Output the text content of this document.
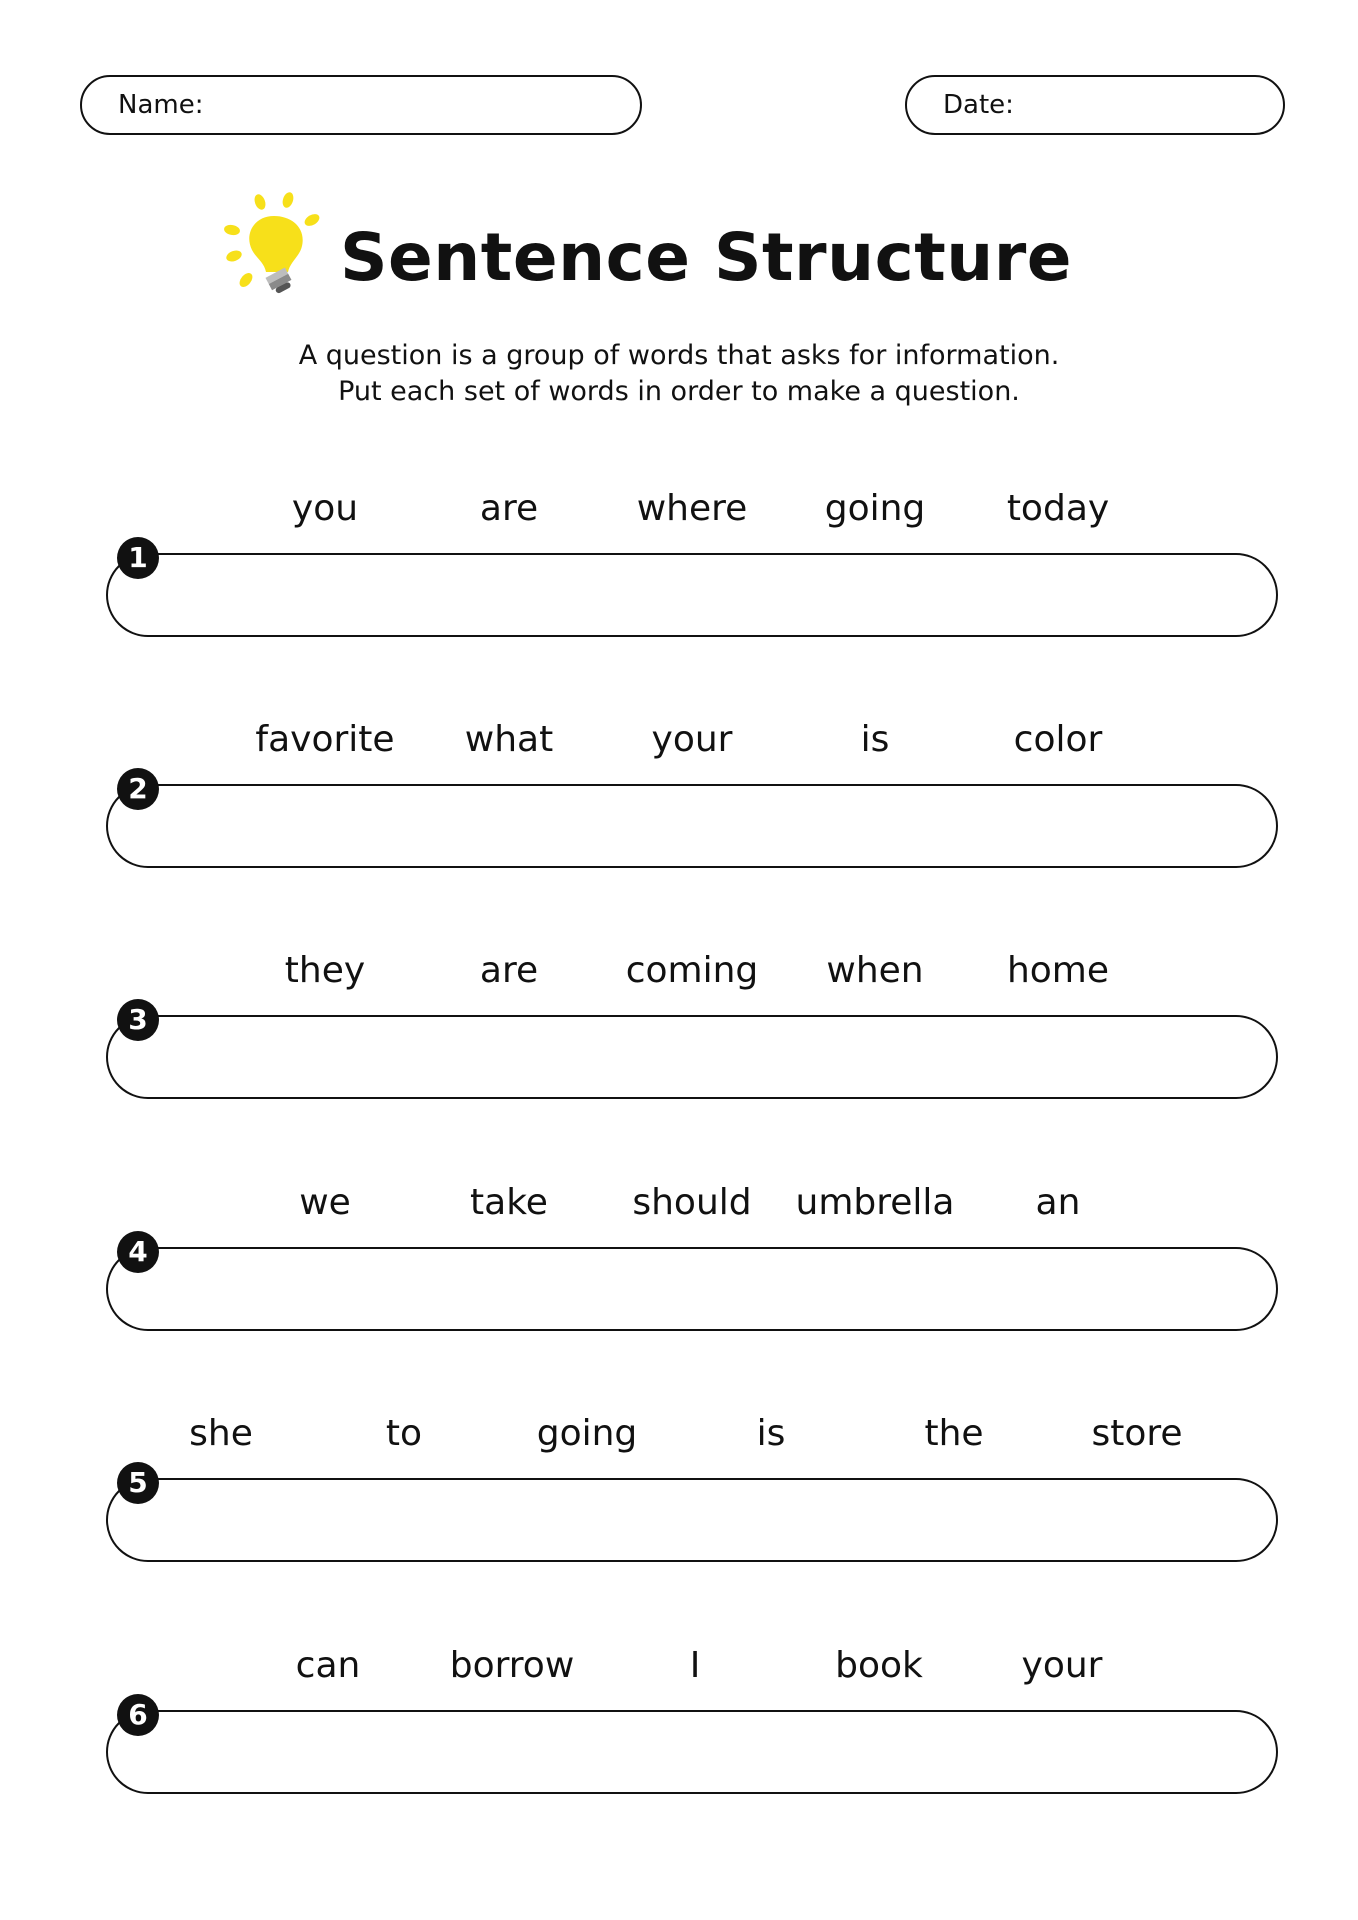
Name:	Date:
Sentence Structure

A question is a group of words that asks for information.

Put each set of words in order to make a question.

you	are	where going today
1
favorite what	your	is	color
2
they	are coming when home
3
we	take should umbrella an
4
she	to	going	is	the	store
5
can borrow	I	book	your
6
